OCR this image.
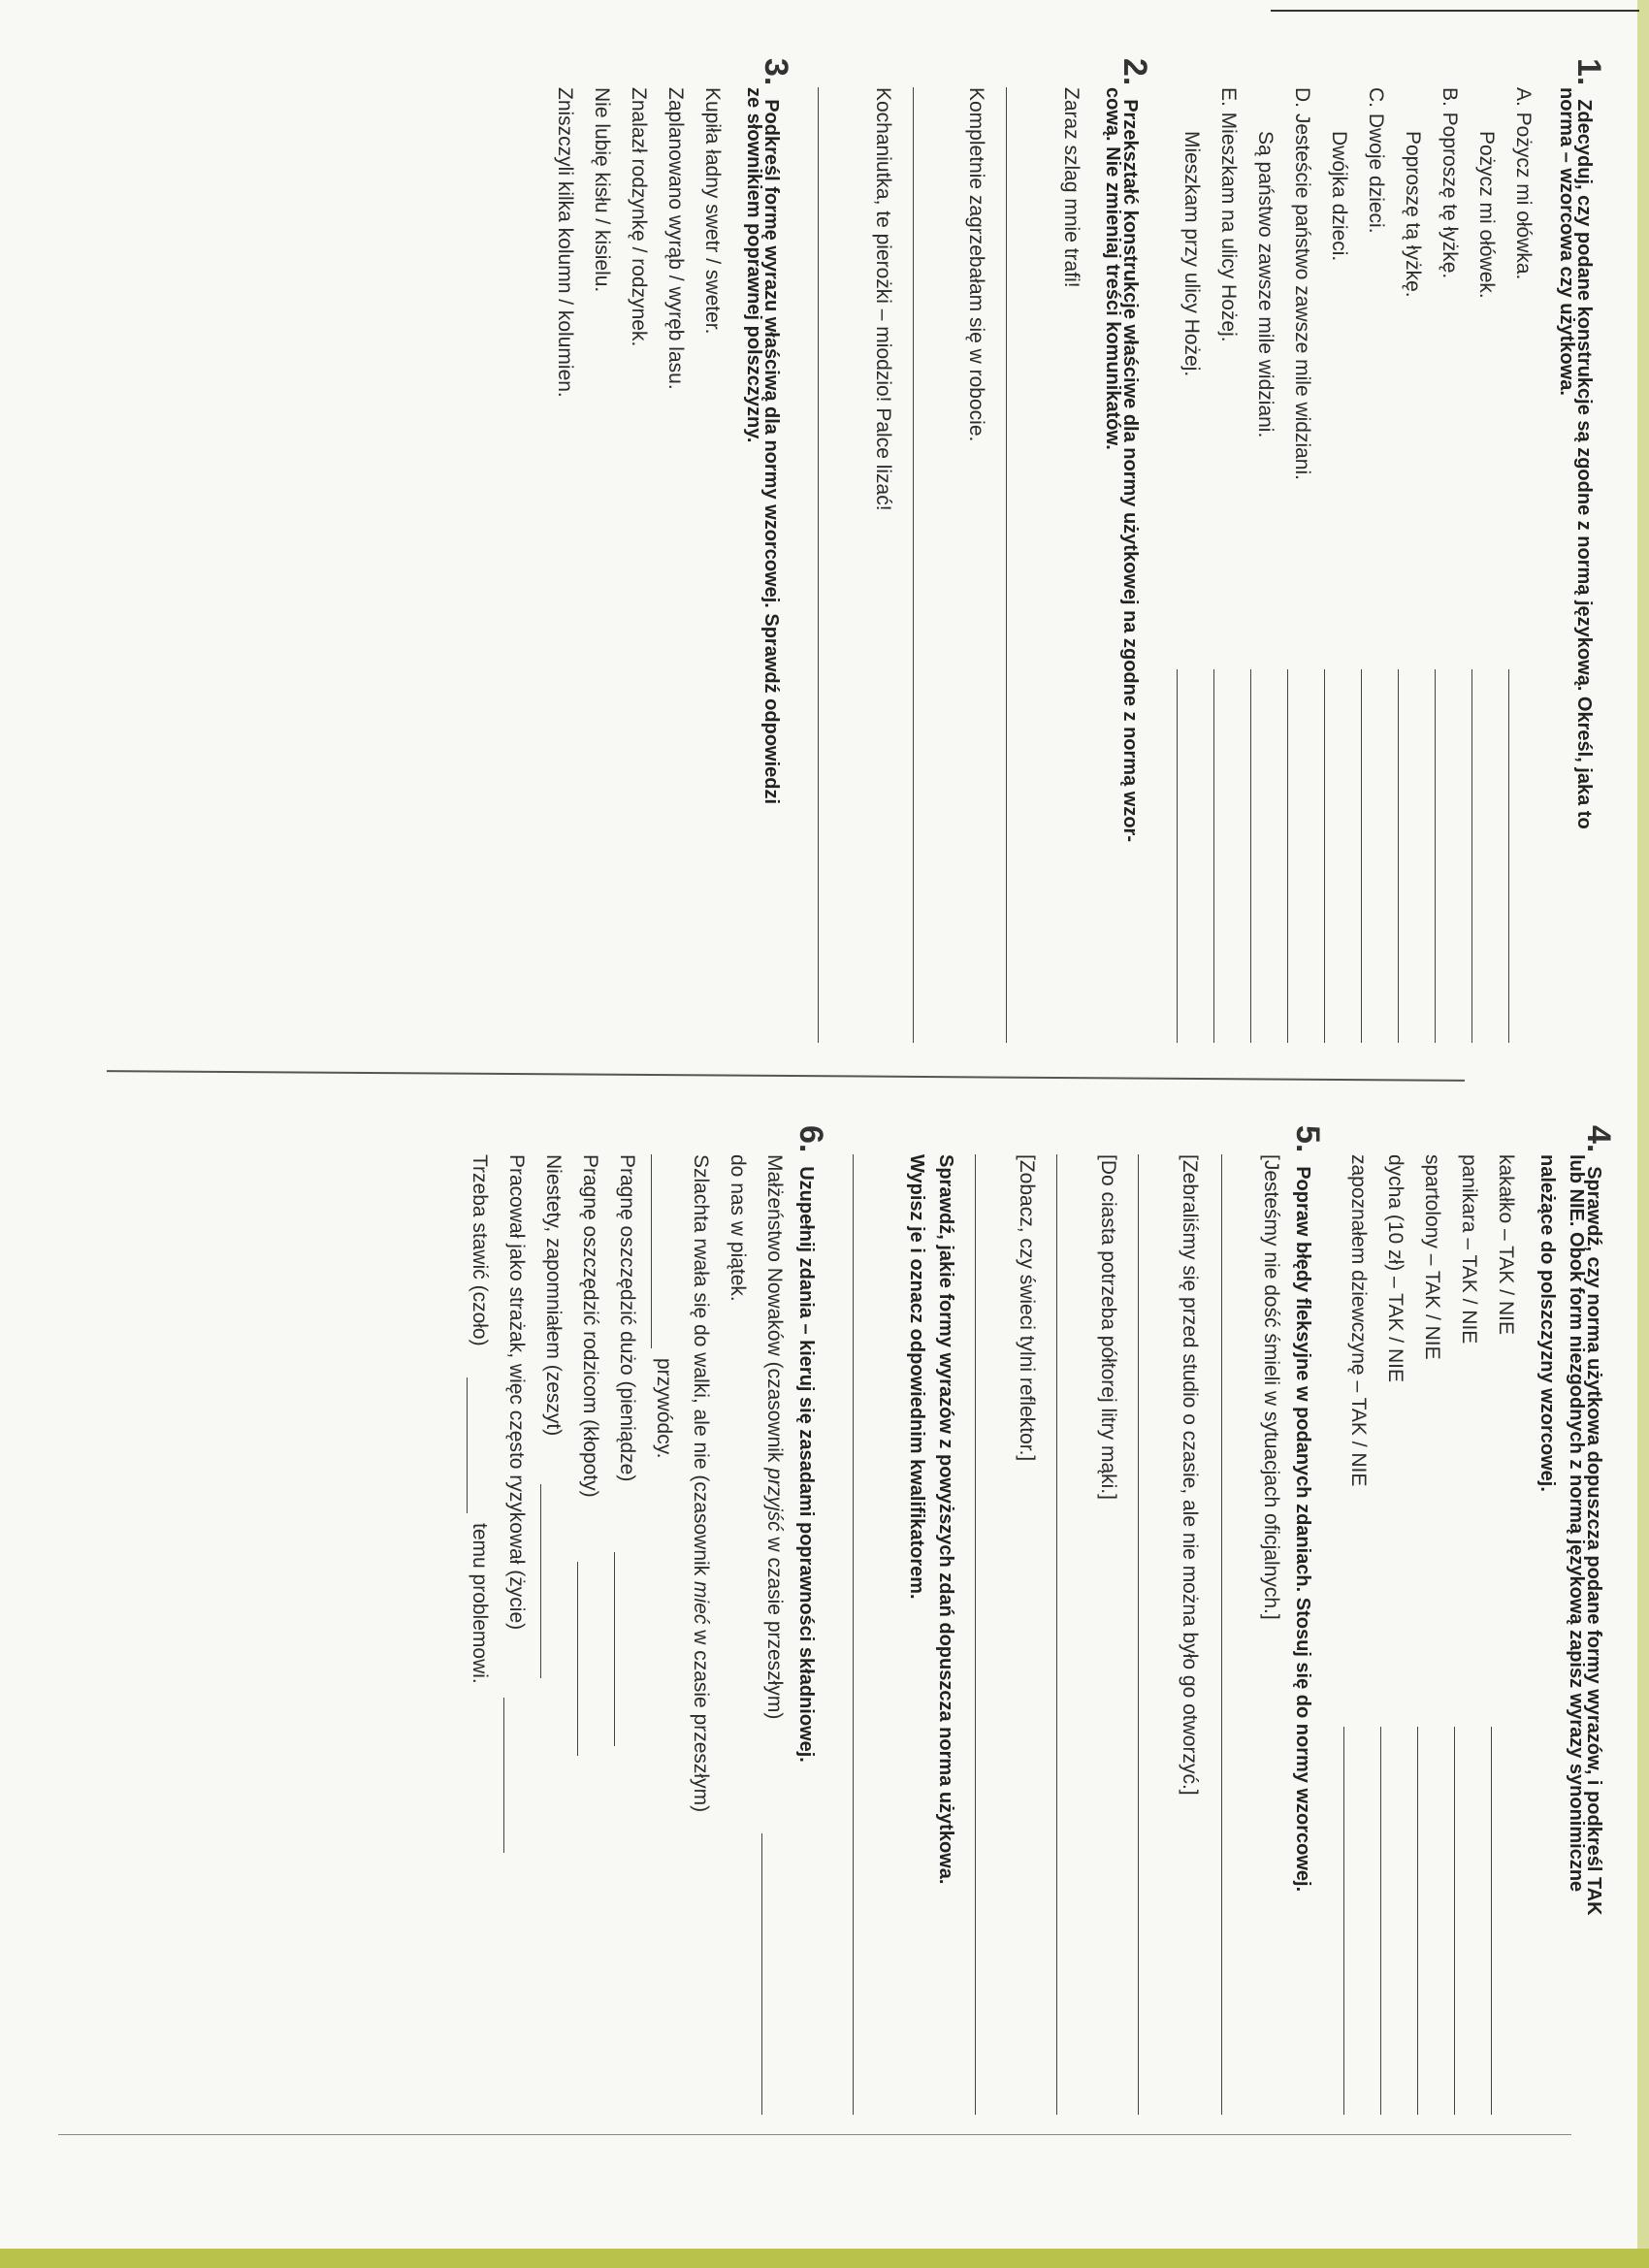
1. Zdecyduj, czy podane konstrukcje są zgodne z normą językową. Określ, jaka to
norma – wzorcowa czy użytkowa.
A. Pożycz mi ołówka.
Pożycz mi ołówek.
B. Poproszę tę łyżkę.
Poproszę tą łyżkę.
C. Dwoje dzieci.
Dwójka dzieci.
D. Jesteście państwo zawsze mile widziani.
Są państwo zawsze mile widziani.
E. Mieszkam na ulicy Hożej.
Mieszkam przy ulicy Hożej.
2. Przekształć konstrukcje właściwe dla normy użytkowej na zgodne z normą wzor-
cową. Nie zmieniaj treści komunikatów.
Zaraz szlag mnie trafi!
Kompletnie zagrzebałam się w robocie.
Kochaniutka, te pierożki – miodzio! Palce lizać!
3. Podkreśl formę wyrazu właściwą dla normy wzorcowej. Sprawdź odpowiedzi
ze słownikiem poprawnej polszczyzny.
Kupiła ładny swetr / sweter.
Zaplanowano wyrąb / wyręb lasu.
Znalazł rodzynkę / rodzynek.
Nie lubię kisłu / kisielu.
Zniszczyli kilka kolumn / kolumien.
4. Sprawdź, czy norma użytkowa dopuszcza podane formy wyrazów, i podkreśl TAK
lub NIE. Obok form niezgodnych z normą językową zapisz wyrazy synonimiczne
należące do polszczyzny wzorcowej.
kakałko – TAK / NIE
panikara – TAK / NIE
spartolony – TAK / NIE
dycha (10 zł) – TAK / NIE
zapoznałem dziewczynę – TAK / NIE
5. Popraw błędy fleksyjne w podanych zdaniach. Stosuj się do normy wzorcowej.
[Jesteśmy nie dość śmieli w sytuacjach oficjalnych.]
[Zebraliśmy się przed studio o czasie, ale nie można było go otworzyć.]
[Do ciasta potrzeba półtorej litry mąki.]
[Zobacz, czy świeci tylni reflektor.]
Sprawdź, jakie formy wyrazów z powyższych zdań dopuszcza norma użytkowa.
Wypisz je i oznacz odpowiednim kwalifikatorem.
6. Uzupełnij zdania – kieruj się zasadami poprawności składniowej.
Małżeństwo Nowaków (czasownik przyjść w czasie przeszłym)
do nas w piątek.
Szlachta rwała się do walki, ale nie (czasownik mieć w czasie przeszłym)
przywódcy.
Pragnę oszczędzić dużo (pieniądze)
Pragnę oszczędzić rodzicom (kłopoty)
Niestety, zapomniałem (zeszyt)
Pracował jako strażak, więc często ryzykował (życie)
Trzeba stawić (czoło)
temu problemowi.
